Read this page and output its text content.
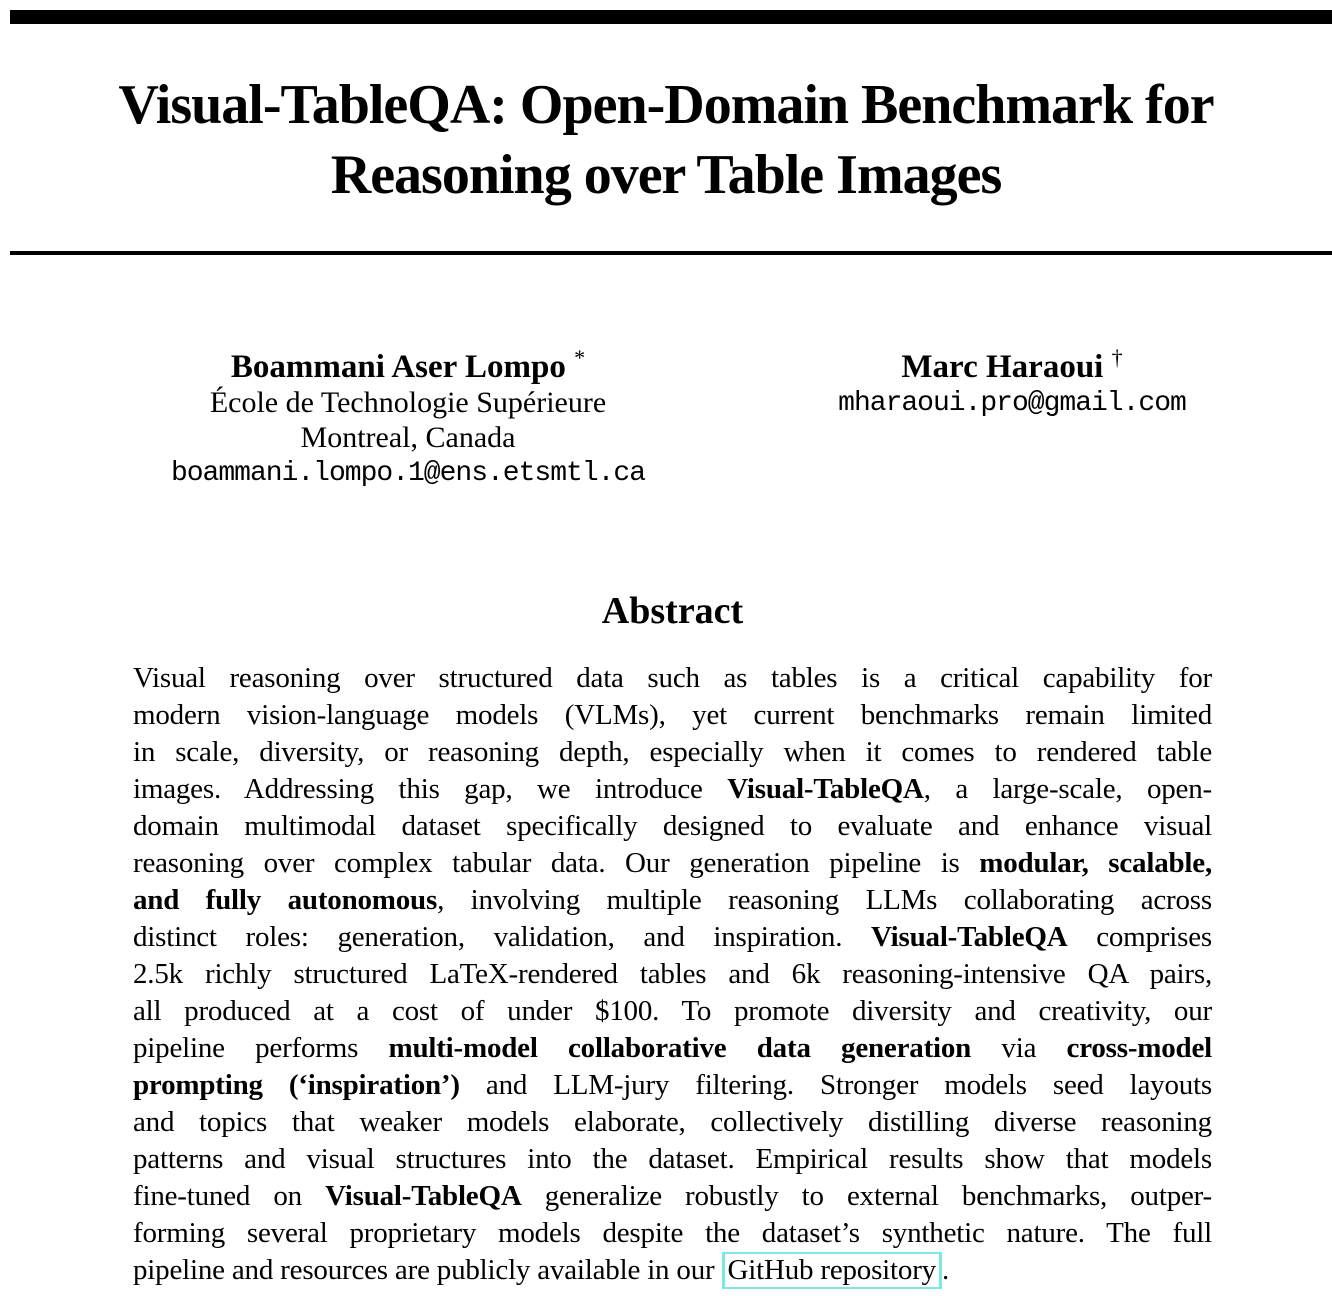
Visual-TableQA: Open-Domain Benchmark for
Reasoning over Table Images
Boammani Aser Lompo *
École de Technologie Supérieure
Montreal, Canada
boammani.lompo.1@ens.etsmtl.ca
Marc Haraoui †
mharaoui.pro@gmail.com
Abstract
Visual reasoning over structured data such as tables is a critical capability for
modern vision-language models (VLMs), yet current benchmarks remain limited
in scale, diversity, or reasoning depth, especially when it comes to rendered table
images. Addressing this gap, we introduce Visual-TableQA, a large-scale, open-
domain multimodal dataset specifically designed to evaluate and enhance visual
reasoning over complex tabular data. Our generation pipeline is modular, scalable,
and fully autonomous, involving multiple reasoning LLMs collaborating across
distinct roles: generation, validation, and inspiration. Visual-TableQA comprises
2.5k richly structured LaTeX-rendered tables and 6k reasoning-intensive QA pairs,
all produced at a cost of under $100. To promote diversity and creativity, our
pipeline performs multi-model collaborative data generation via cross-model
prompting (‘inspiration’) and LLM-jury filtering. Stronger models seed layouts
and topics that weaker models elaborate, collectively distilling diverse reasoning
patterns and visual structures into the dataset. Empirical results show that models
fine-tuned on Visual-TableQA generalize robustly to external benchmarks, outper-
forming several proprietary models despite the dataset’s synthetic nature. The full
pipeline and resources are publicly available in our GitHub repository .
